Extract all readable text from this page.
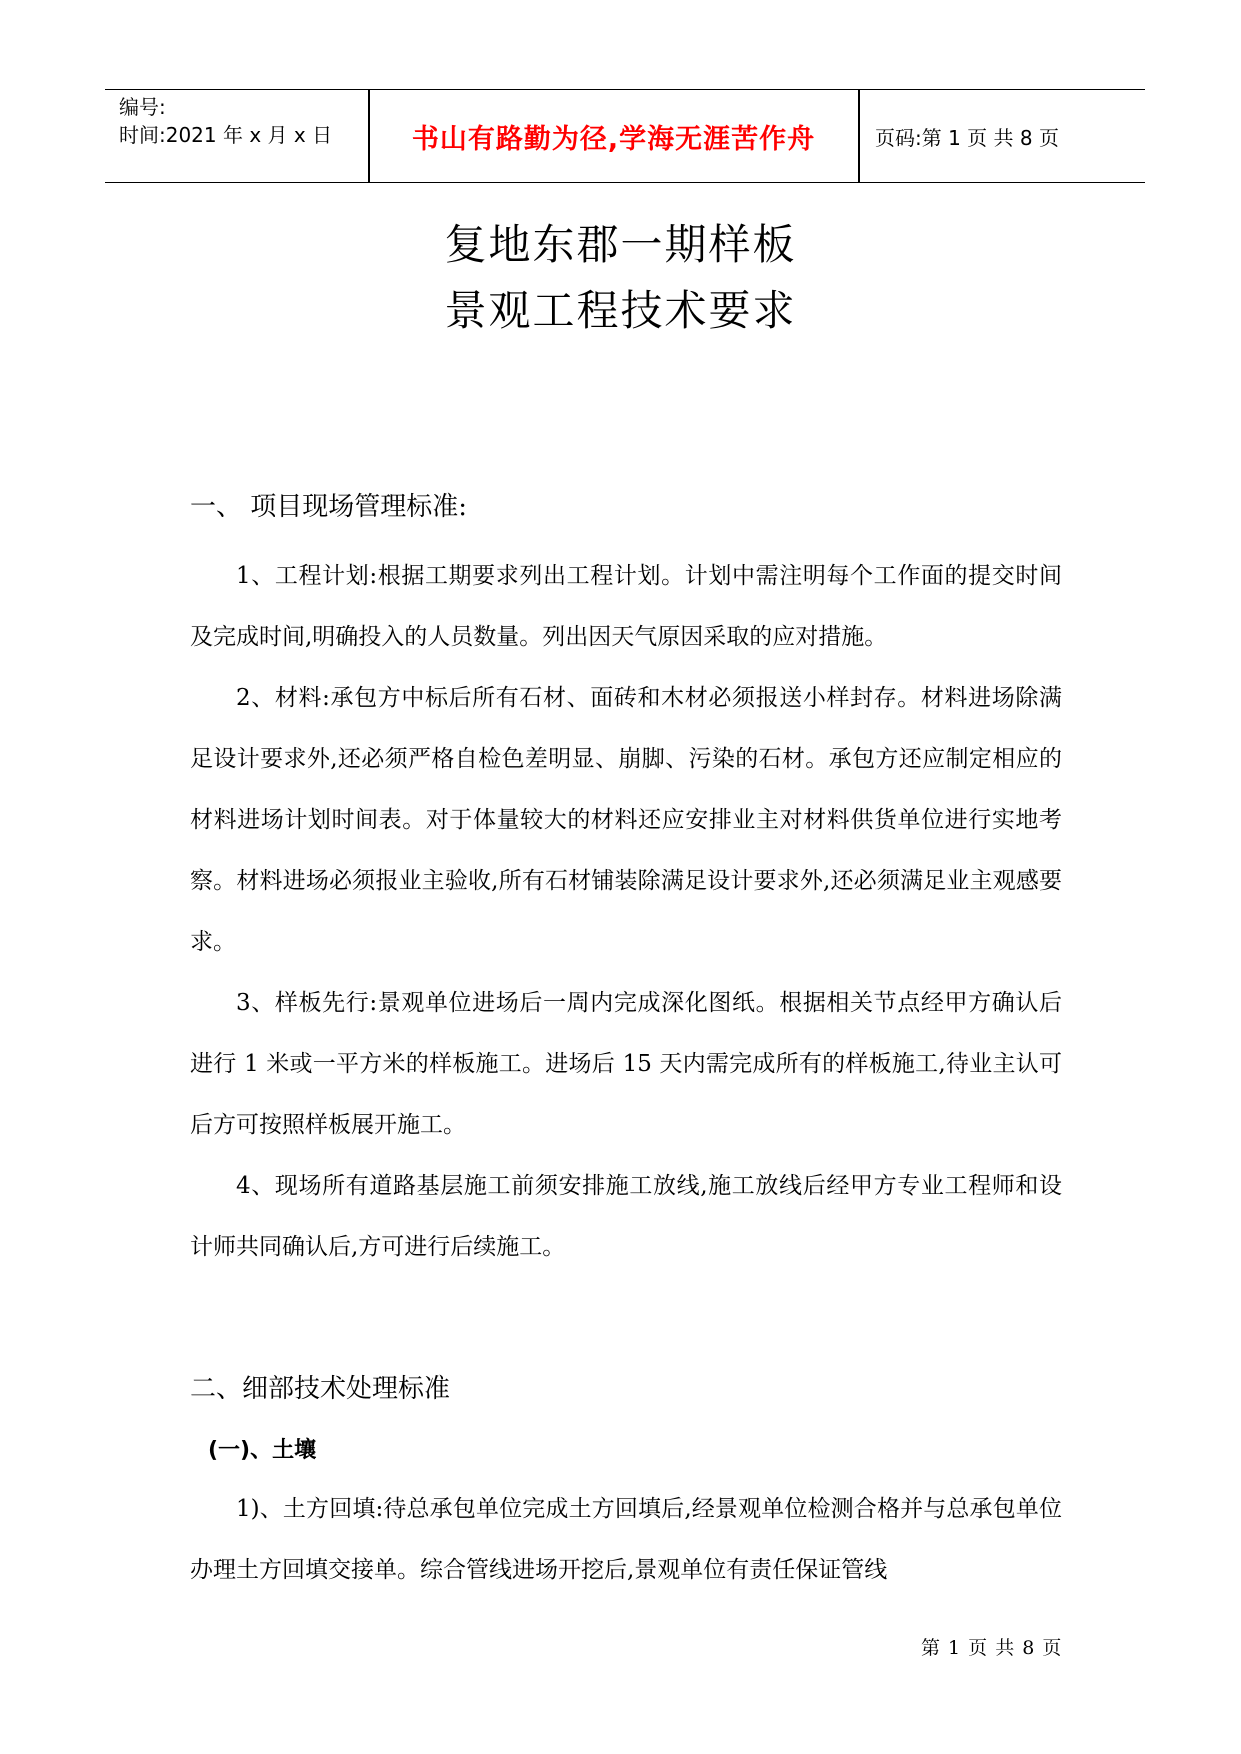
编号:
时间:2021 年 x 月 x 日	书山有路勤为径,学海无涯苦作舟	页码:第 1 页 共 8 页
复地东郡一期样板
景观工程技术要求
一、 项目现场管理标准:
1、工程计划:根据工期要求列出工程计划。计划中需注明每个工作面的提交时间及完成时间,明确投入的人员数量。列出因天气原因采取的应对措施。
2、材料:承包方中标后所有石材、面砖和木材必须报送小样封存。材料进场除满足设计要求外,还必须严格自检色差明显、崩脚、污染的石材。承包方还应制定相应的材料进场计划时间表。对于体量较大的材料还应安排业主对材料供货单位进行实地考察。材料进场必须报业主验收,所有石材铺装除满足设计要求外,还必须满足业主观感要求。
3、样板先行:景观单位进场后一周内完成深化图纸。根据相关节点经甲方确认后进行 1 米或一平方米的样板施工。进场后 15 天内需完成所有的样板施工,待业主认可后方可按照样板展开施工。
4、现场所有道路基层施工前须安排施工放线,施工放线后经甲方专业工程师和设计师共同确认后,方可进行后续施工。
二、细部技术处理标准
(一)、土壤
1)、土方回填:待总承包单位完成土方回填后,经景观单位检测合格并与总承包单位办理土方回填交接单。综合管线进场开挖后,景观单位有责任保证管线
第 1 页 共 8 页
